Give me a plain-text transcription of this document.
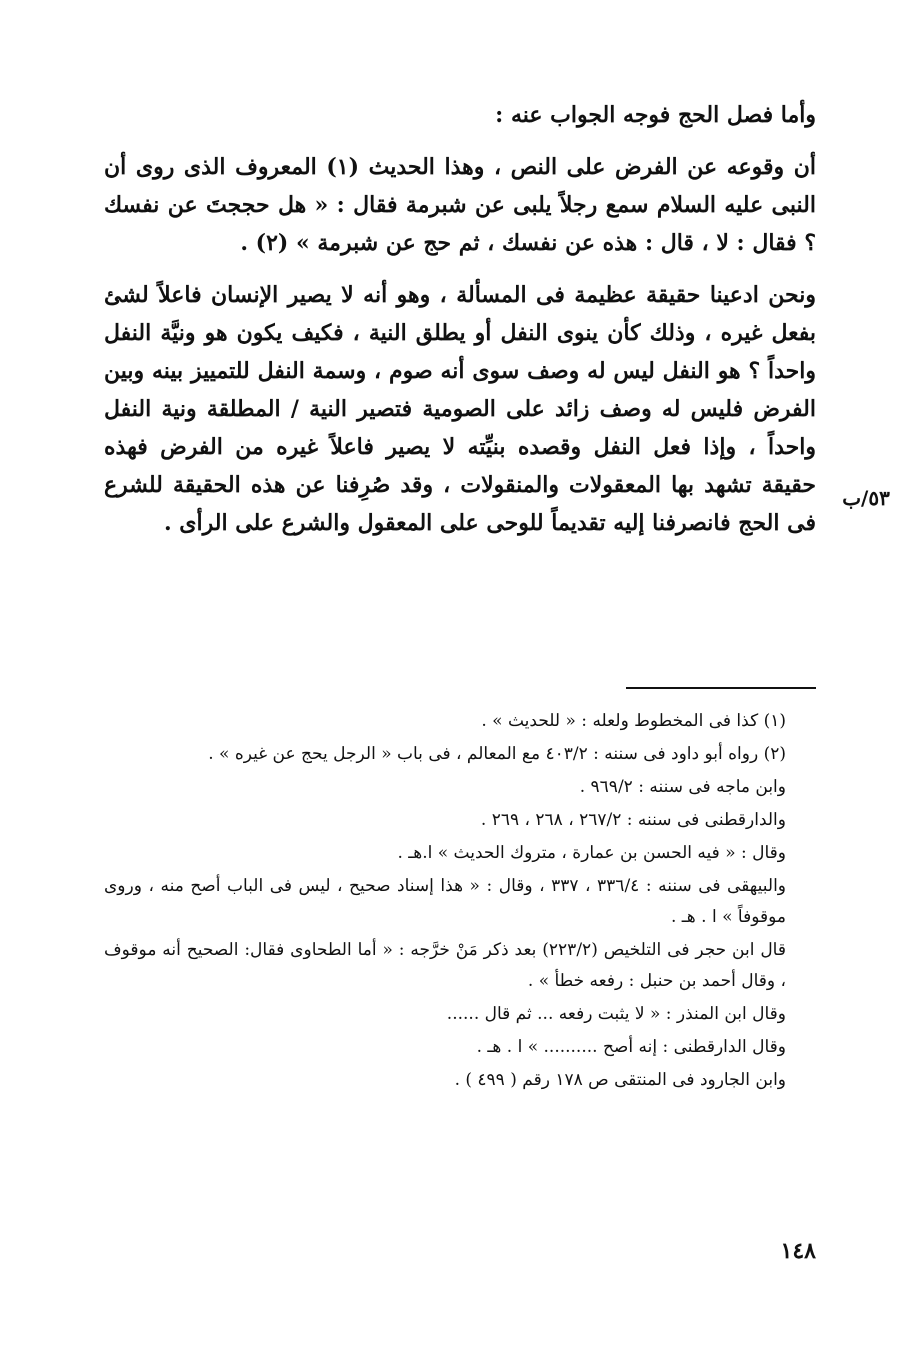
٥٣/ب

وأما فصل الحج فوجه الجواب عنه :

أن وقوعه عن الفرض على النص ، وهذا الحديث (١) المعروف الذى روى أن النبى عليه السلام سمع رجلاً يلبى عن شبرمة فقال : « هل حججتَ عن نفسك ؟ فقال : لا ، قال : هذه عن نفسك ، ثم حج عن شبرمة » (٢) .

ونحن ادعينا حقيقة عظيمة فى المسألة ، وهو أنه لا يصير الإنسان فاعلاً لشئ بفعل غيره ، وذلك كأن ينوى النفل أو يطلق النية ، فكيف يكون هو ونيَّة النفل واحداً ؟ هو النفل ليس له وصف سوى أنه صوم ، وسمة النفل للتمييز بينه وبين الفرض فليس له وصف زائد على الصومية فتصير النية / المطلقة ونية النفل واحداً ، وإذا فعل النفل وقصده بنيِّته لا يصير فاعلاً غيره من الفرض فهذه حقيقة تشهد بها المعقولات والمنقولات ، وقد صُرِفنا عن هذه الحقيقة للشرع فى الحج فانصرفنا إليه تقديماً للوحى على المعقول والشرع على الرأى .

(١) كذا فى المخطوط ولعله : « للحديث » .

(٢) رواه أبو داود فى سننه : ٤٠٣/٢ مع المعالم ، فى باب « الرجل يحج عن غيره » .

وابن ماجه فى سننه : ٩٦٩/٢ .

والدارقطنى فى سننه : ٢٦٧/٢ ، ٢٦٨ ، ٢٦٩ .

وقال : « فيه الحسن بن عمارة ، متروك الحديث » ا.هـ .

والبيهقى فى سننه : ٣٣٦/٤ ، ٣٣٧ ، وقال : « هذا إسناد صحيح ، ليس فى الباب أصح منه ، وروى موقوفاً » ا . هـ .

قال ابن حجر فى التلخيص (٢٢٣/٢) بعد ذكر مَنْ خرَّجه : « أما الطحاوى فقال: الصحيح أنه موقوف ، وقال أحمد بن حنبل : رفعه خطأ » .

وقال ابن المنذر : « لا يثبت رفعه ... ثم قال ......

وقال الدارقطنى : إنه أصح .......... » ا . هـ .

وابن الجارود فى المنتقى ص ١٧٨ رقم ( ٤٩٩ ) .

١٤٨
